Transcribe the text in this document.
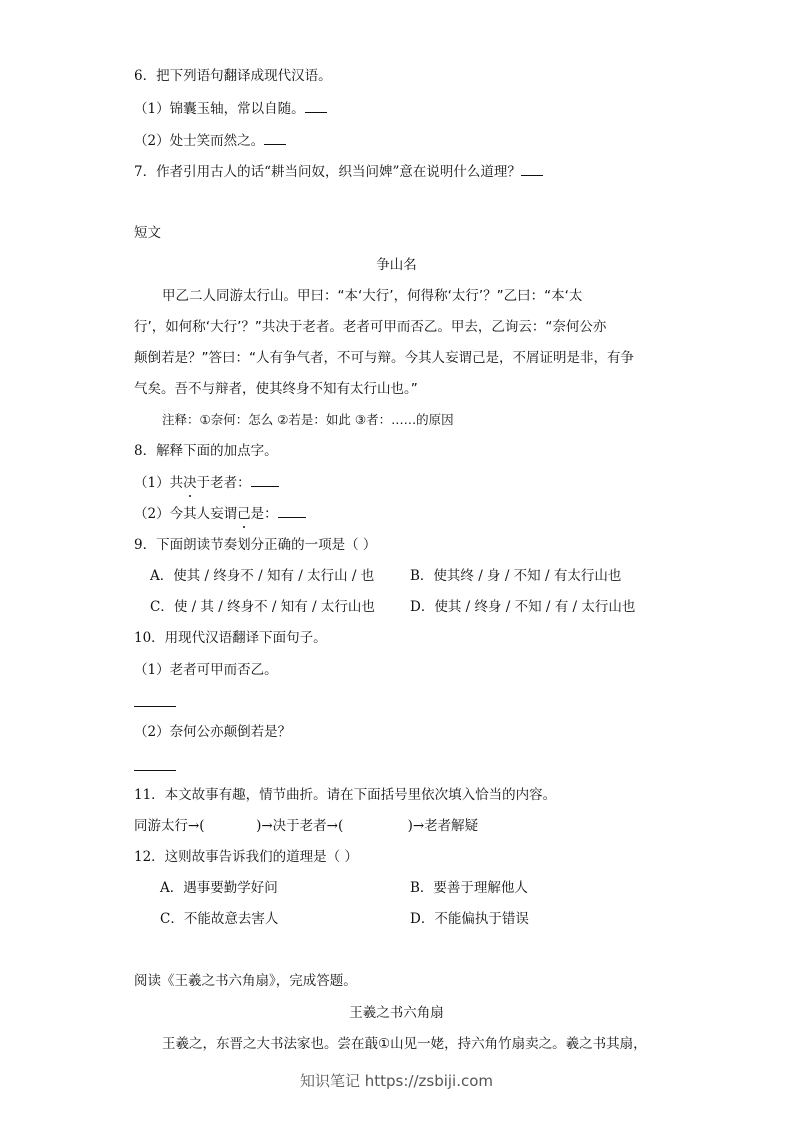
6．把下列语句翻译成现代汉语。
（1）锦囊玉轴，常以自随。
（2）处士笑而然之。
7．作者引用古人的话“耕当问奴，织当问婢”意在说明什么道理？
短文
争山名
甲乙二人同游太行山。甲曰：“本‘大行’，何得称‘太行’？”乙曰：“本‘太
行’，如何称‘大行’？”共决于老者。老者可甲而否乙。甲去，乙询云：“奈何公亦
颠倒若是？”答曰：“人有争气者，不可与辩。今其人妄谓己是，不屑证明是非，有争
气矣。吾不与辩者，使其终身不知有太行山也。”
注释：①奈何：怎么 ②若是：如此 ③者：……的原因
8．解释下面的加点字。
（1）共决于老者：
（2）今其人妄谓己是：
9．下面朗读节奏划分正确的一项是（ ）
A．使其 / 终身不 / 知有 / 太行山 / 也	B．使其终 / 身 / 不知 / 有太行山也
C．使 / 其 / 终身不 / 知有 / 太行山也	D．使其 / 终身 / 不知 / 有 / 太行山也
10．用现代汉语翻译下面句子。
（1）老者可甲而否乙。
（2）奈何公亦颠倒若是？
11．本文故事有趣，情节曲折。请在下面括号里依次填入恰当的内容。
同游太行→(            )→决于老者→(               )→老者解疑
12．这则故事告诉我们的道理是（ ）
A．遇事要勤学好问	B．要善于理解他人
C．不能故意去害人	D．不能偏执于错误
阅读《王羲之书六角扇》，完成答题。
王羲之书六角扇
王羲之，东晋之大书法家也。尝在蕺①山见一姥，持六角竹扇卖之。羲之书其扇，
知识笔记 https://zsbiji.com
